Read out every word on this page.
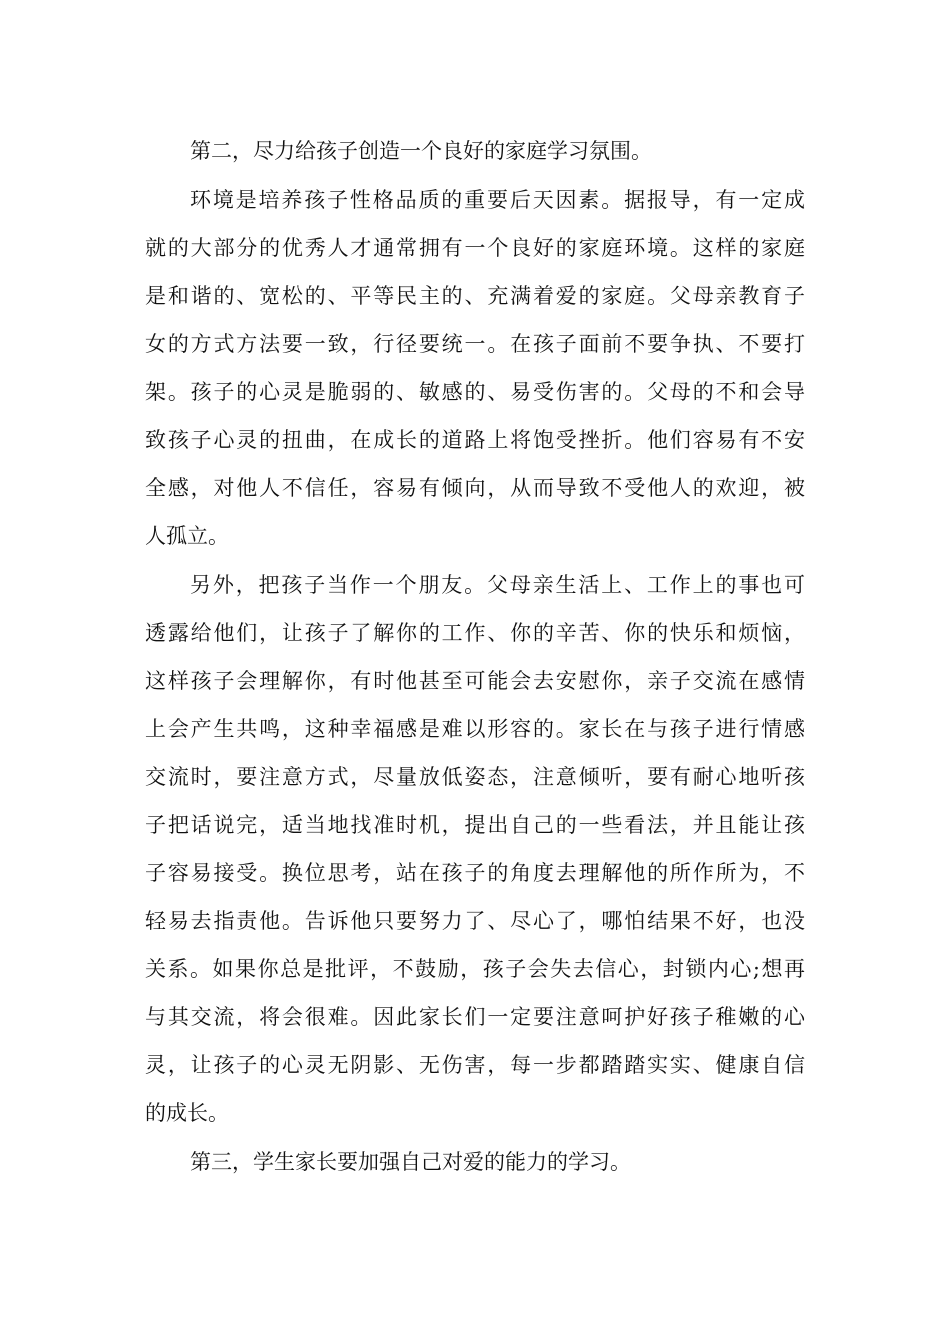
第二，尽力给孩子创造一个良好的家庭学习氛围。
环境是培养孩子性格品质的重要后天因素。据报导，有一定成
就的大部分的优秀人才通常拥有一个良好的家庭环境。这样的家庭
是和谐的、宽松的、平等民主的、充满着爱的家庭。父母亲教育子
女的方式方法要一致，行径要统一。在孩子面前不要争执、不要打
架。孩子的心灵是脆弱的、敏感的、易受伤害的。父母的不和会导
致孩子心灵的扭曲，在成长的道路上将饱受挫折。他们容易有不安
全感，对他人不信任，容易有倾向，从而导致不受他人的欢迎，被
人孤立。
另外，把孩子当作一个朋友。父母亲生活上、工作上的事也可
透露给他们，让孩子了解你的工作、你的辛苦、你的快乐和烦恼，
这样孩子会理解你，有时他甚至可能会去安慰你，亲子交流在感情
上会产生共鸣，这种幸福感是难以形容的。家长在与孩子进行情感
交流时，要注意方式，尽量放低姿态，注意倾听，要有耐心地听孩
子把话说完，适当地找准时机，提出自己的一些看法，并且能让孩
子容易接受。换位思考，站在孩子的角度去理解他的所作所为，不
轻易去指责他。告诉他只要努力了、尽心了，哪怕结果不好，也没
关系。如果你总是批评，不鼓励，孩子会失去信心，封锁内心;想再
与其交流，将会很难。因此家长们一定要注意呵护好孩子稚嫩的心
灵，让孩子的心灵无阴影、无伤害，每一步都踏踏实实、健康自信
的成长。
第三，学生家长要加强自己对爱的能力的学习。
